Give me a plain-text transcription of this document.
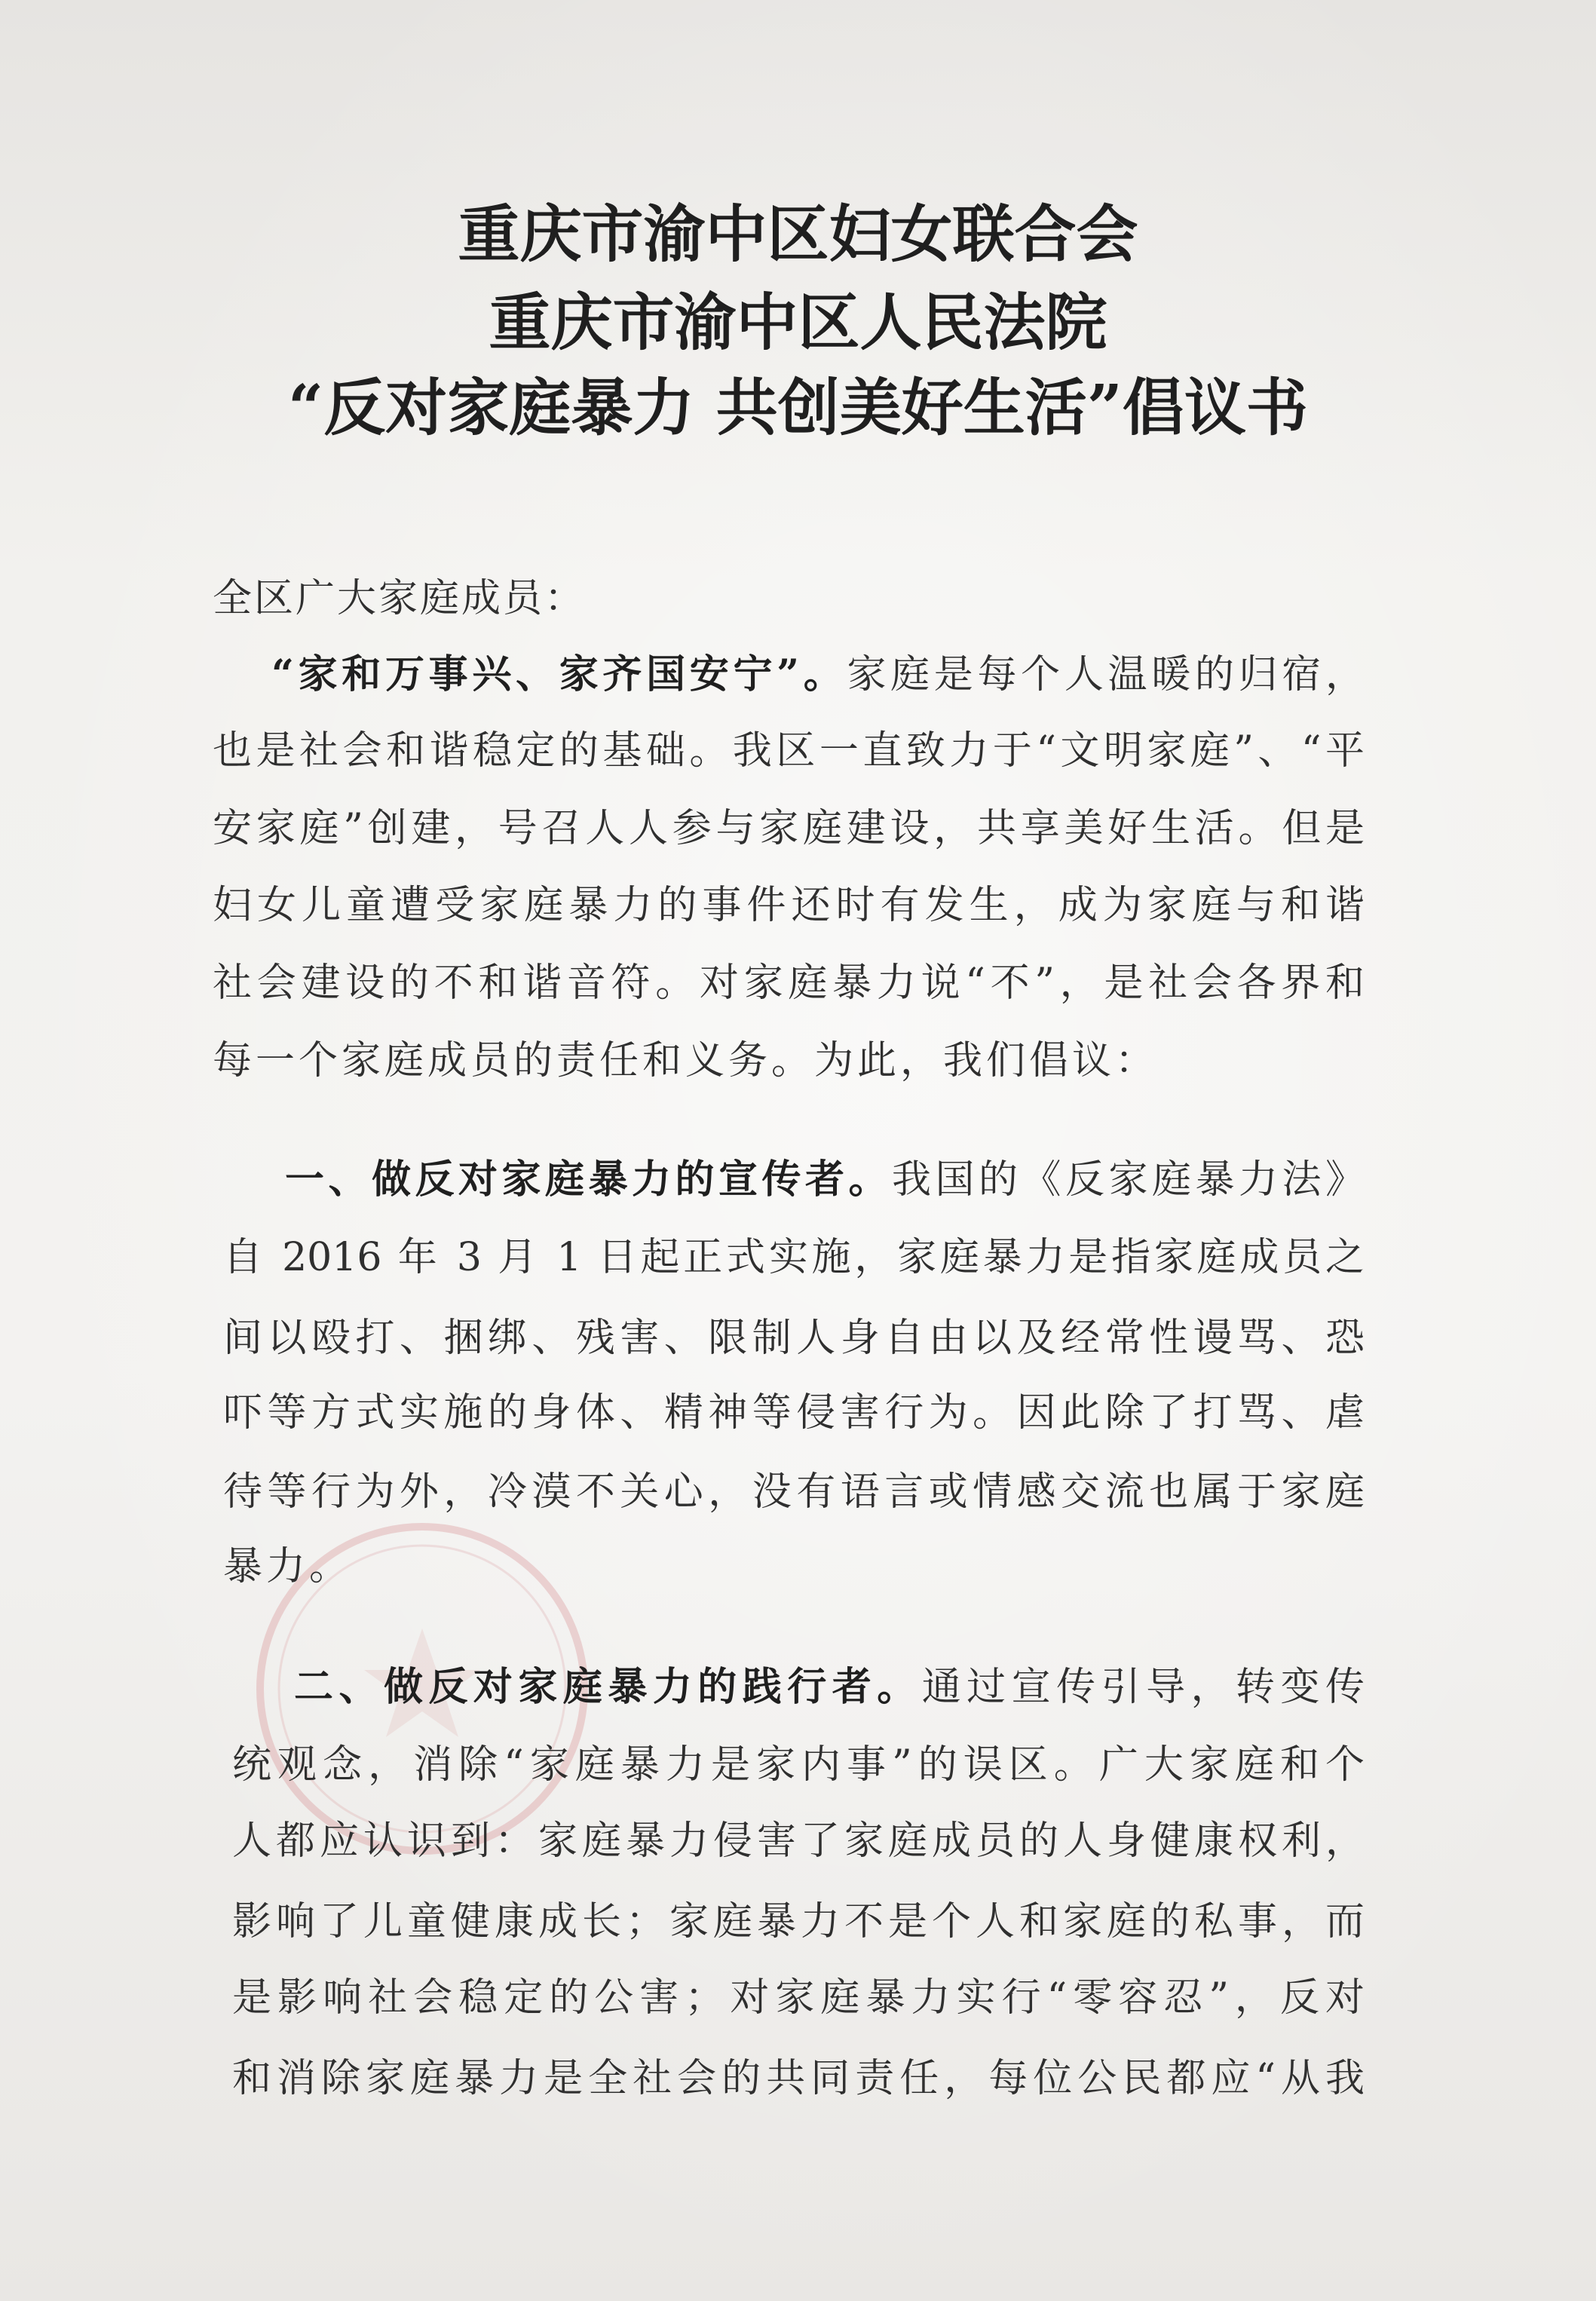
重庆市渝中区妇女联合会
重庆市渝中区人民法院
“反对家庭暴力 共创美好生活”倡议书
全区广大家庭成员：
“家和万事兴、家齐国安宁”。家庭是每个人温暖的归宿，
也是社会和谐稳定的基础。我区一直致力于“文明家庭”、“平
安家庭”创建，号召人人参与家庭建设，共享美好生活。但是
妇女儿童遭受家庭暴力的事件还时有发生，成为家庭与和谐
社会建设的不和谐音符。对家庭暴力说“不”，是社会各界和
每一个家庭成员的责任和义务。为此，我们倡议：
一、做反对家庭暴力的宣传者。我国的《反家庭暴力法》
自 2016 年 3 月 1 日起正式实施，家庭暴力是指家庭成员之
间以殴打、捆绑、残害、限制人身自由以及经常性谩骂、恐
吓等方式实施的身体、精神等侵害行为。因此除了打骂、虐
待等行为外，冷漠不关心，没有语言或情感交流也属于家庭
暴力。
二、做反对家庭暴力的践行者。通过宣传引导，转变传
统观念，消除“家庭暴力是家内事”的误区。广大家庭和个
人都应认识到：家庭暴力侵害了家庭成员的人身健康权利，
影响了儿童健康成长；家庭暴力不是个人和家庭的私事，而
是影响社会稳定的公害；对家庭暴力实行“零容忍”，反对
和消除家庭暴力是全社会的共同责任，每位公民都应“从我
